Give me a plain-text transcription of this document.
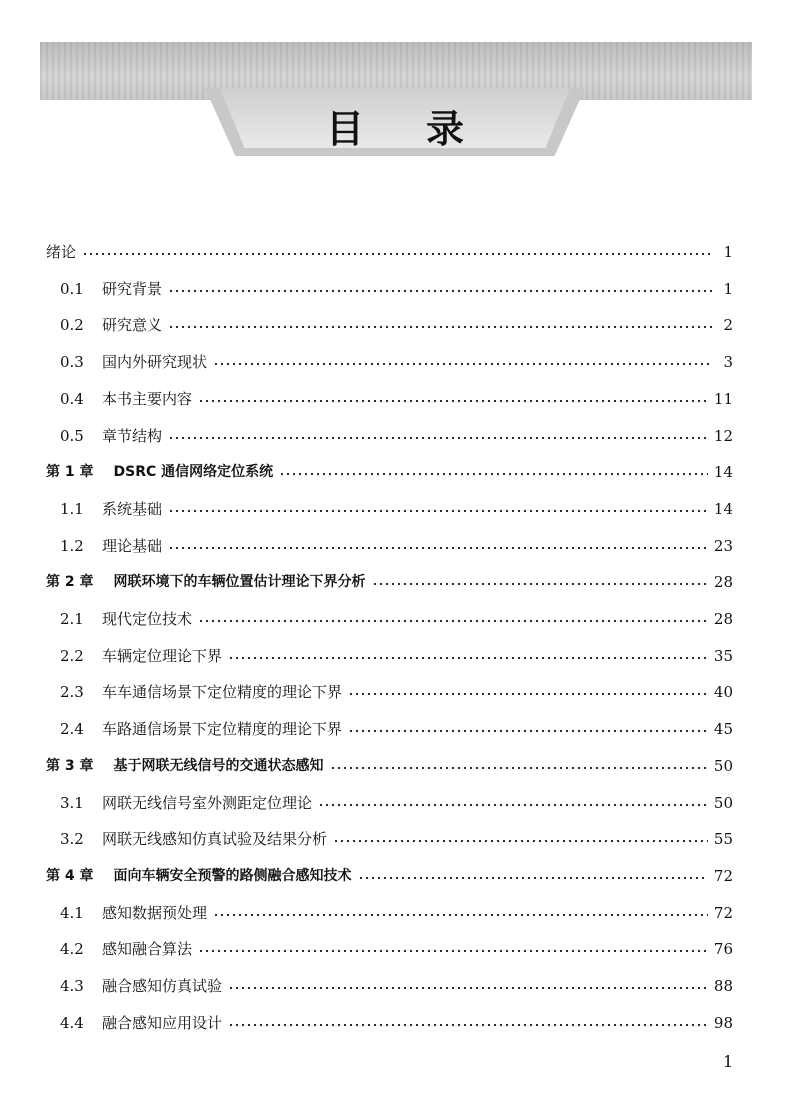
目录
绪论	1
0.1	研究背景	1
0.2	研究意义	2
0.3	国内外研究现状	3
0.4	本书主要内容	11
0.5	章节结构	12
第 1 章 DSRC 通信网络定位系统	14
1.1	系统基础	14
1.2	理论基础	23
第 2 章 网联环境下的车辆位置估计理论下界分析	28
2.1	现代定位技术	28
2.2	车辆定位理论下界	35
2.3	车车通信场景下定位精度的理论下界	40
2.4	车路通信场景下定位精度的理论下界	45
第 3 章 基于网联无线信号的交通状态感知	50
3.1	网联无线信号室外测距定位理论	50
3.2	网联无线感知仿真试验及结果分析	55
第 4 章 面向车辆安全预警的路侧融合感知技术	72
4.1	感知数据预处理	72
4.2	感知融合算法	76
4.3	融合感知仿真试验	88
4.4	融合感知应用设计	98
1
